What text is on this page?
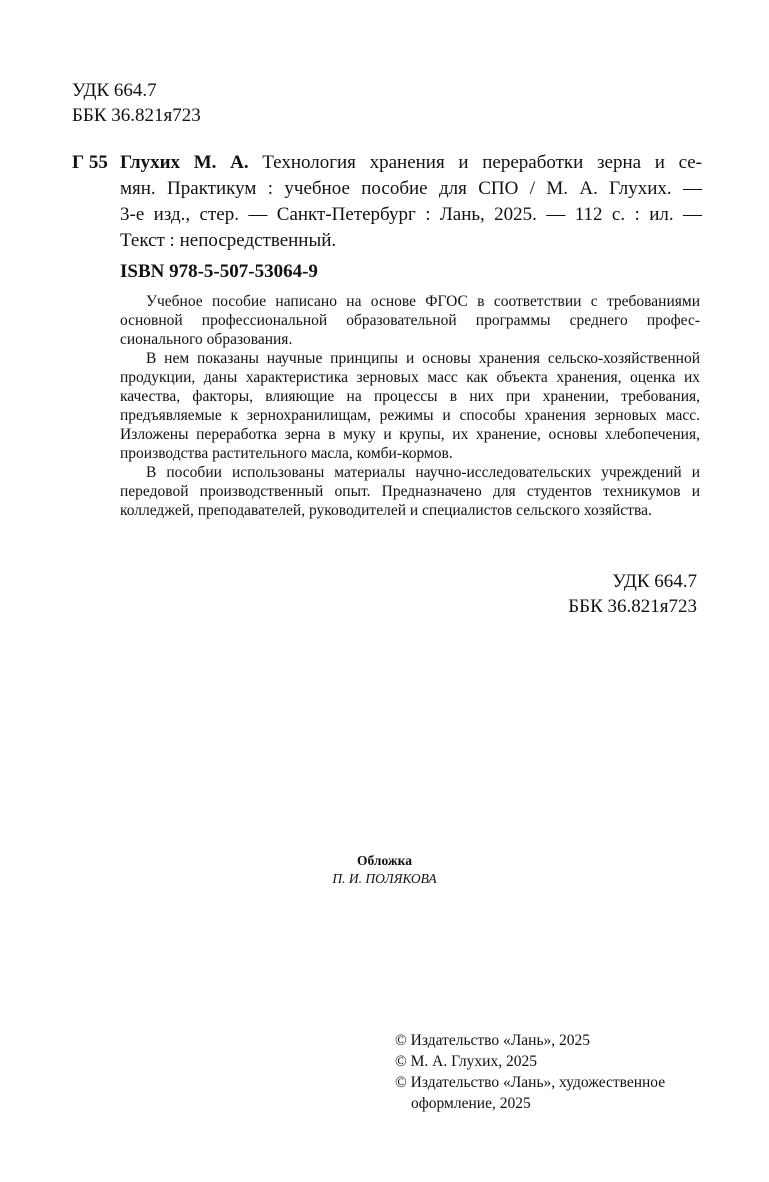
УДК 664.7
ББК 36.821я723
Г 55 Глухих М. А. Технология хранения и переработки зерна и се-
мян. Практикум : учебное пособие для СПО / М. А. Глухих. —
3-е изд., стер. — Санкт-Петербург : Лань, 2025. — 112 с. : ил. —
Текст : непосредственный.
ISBN 978-5-507-53064-9

Учебное пособие написано на основе ФГОС в соответствии с требованиями основной профессиональной образовательной программы среднего профес-сионального образования.

В нем показаны научные принципы и основы хранения сельско-хозяйственной продукции, даны характеристика зерновых масс как объекта хранения, оценка их качества, факторы, влияющие на процессы в них при хранении, требования, предъявляемые к зернохранилищам, режимы и способы хранения зерновых масс. Изложены переработка зерна в муку и крупы, их хранение, основы хлебопечения, производства растительного масла, комби-кормов.

В пособии использованы материалы научно-исследовательских учреждений и передовой производственный опыт. Предназначено для студентов техникумов и колледжей, преподавателей, руководителей и специалистов сельского хозяйства.

УДК 664.7
ББК 36.821я723
Обложка
П. И. ПОЛЯКОВА
© Издательство «Лань», 2025
© М. А. Глухих, 2025
© Издательство «Лань», художественное оформление, 2025
